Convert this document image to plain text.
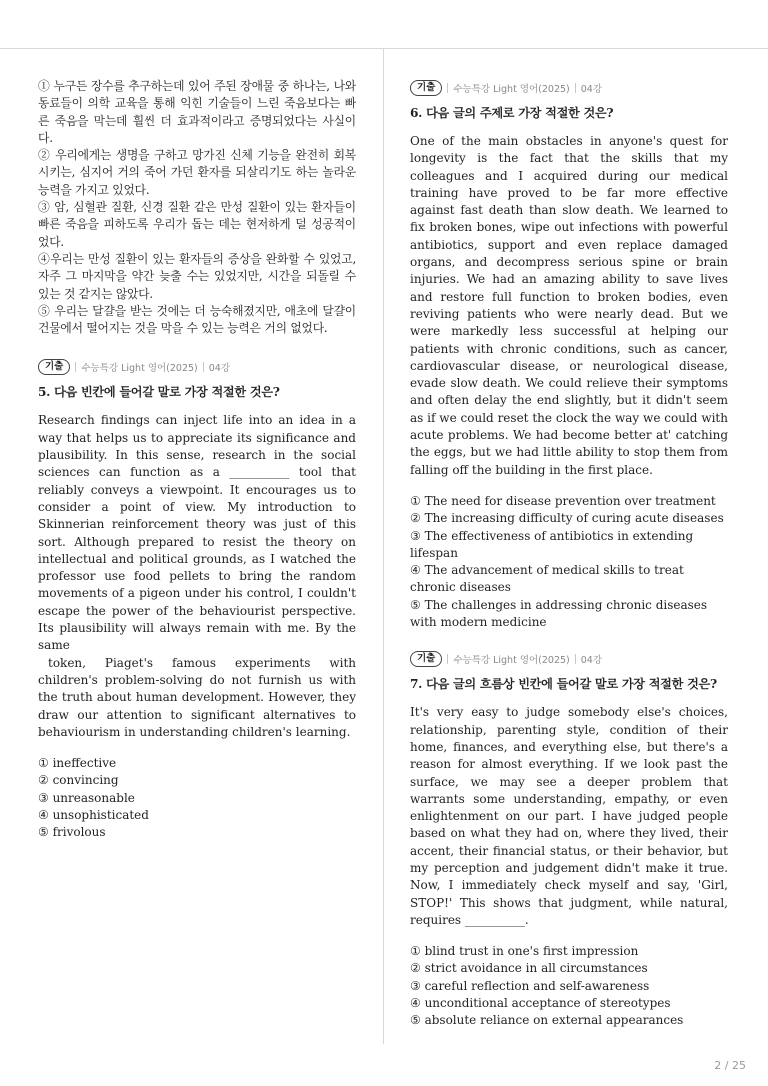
① 누구든 장수를 추구하는데 있어 주된 장애물 중 하나는, 나와 동료들이 의학 교육을 통해 익힌 기술들이 느린 죽음보다는 빠른 죽음을 막는데 훨씬 더 효과적이라고 증명되었다는 사실이다.

② 우리에게는 생명을 구하고 망가진 신체 기능을 완전히 회복시키는, 심지어 거의 죽어 가던 환자를 되살리기도 하는 놀라운 능력을 가지고 있었다.

③ 암, 심혈관 질환, 신경 질환 같은 만성 질환이 있는 환자들이 빠른 죽음을 피하도록 우리가 돕는 데는 현저하게 덜 성공적이었다.

④우리는 만성 질환이 있는 환자들의 증상을 완화할 수 있었고, 자주 그 마지막을 약간 늦출 수는 있었지만, 시간을 되돌릴 수 있는 것 같지는 않았다.

⑤ 우리는 달걀을 받는 것에는 더 능숙해졌지만, 애초에 달걀이 건물에서 떨어지는 것을 막을 수 있는 능력은 거의 없었다.

기출	수능특강 Light 영어(2025) 04강
5. 다음 빈칸에 들어갈 말로 가장 적절한 것은?

Research findings can inject life into an idea in a way that helps us to appreciate its significance and plausibility. In this sense, research in the social sciences can function as a __________ tool that reliably conveys a viewpoint. It encourages us to consider a point of view. My introduction to Skinnerian reinforcement theory was just of this sort. Although prepared to resist the theory on intellectual and political grounds, as I watched the professor use food pellets to bring the random movements of a pigeon under his control, I couldn't escape the power of the behaviourist perspective. Its plausibility will always remain with me. By the same

token, Piaget's famous experiments with children's problem-solving do not furnish us with the truth about human development. However, they draw our attention to significant alternatives to behaviourism in understanding children's learning.

① ineffective

② convincing

③ unreasonable

④ unsophisticated

⑤ frivolous

기출	수능특강 Light 영어(2025) 04강
6. 다음 글의 주제로 가장 적절한 것은?

One of the main obstacles in anyone's quest for longevity is the fact that the skills that my colleagues and I acquired during our medical training have proved to be far more effective against fast death than slow death. We learned to fix broken bones, wipe out infections with powerful antibiotics, support and even replace damaged organs, and decompress serious spine or brain injuries. We had an amazing ability to save lives and restore full function to broken bodies, even reviving patients who were nearly dead. But we were markedly less successful at helping our patients with chronic conditions, such as cancer, cardiovascular disease, or neurological disease, evade slow death. We could relieve their symptoms and often delay the end slightly, but it didn't seem as if we could reset the clock the way we could with acute problems. We had become better at' catching the eggs, but we had little ability to stop them from falling off the building in the first place.

① The need for disease prevention over treatment

② The increasing difficulty of curing acute diseases

③ The effectiveness of antibiotics in extending lifespan

④ The advancement of medical skills to treat chronic diseases

⑤ The challenges in addressing chronic diseases with modern medicine

기출	수능특강 Light 영어(2025) 04강
7. 다음 글의 흐름상 빈칸에 들어갈 말로 가장 적절한 것은?

It's very easy to judge somebody else's choices, relationship, parenting style, condition of their home, finances, and everything else, but there's a reason for almost everything. If we look past the surface, we may see a deeper problem that warrants some understanding, empathy, or even enlightenment on our part. I have judged people based on what they had on, where they lived, their accent, their financial status, or their behavior, but my perception and judgement didn't make it true. Now, I immediately check myself and say, 'Girl, STOP!' This shows that judgment, while natural, requires __________.

① blind trust in one's first impression

② strict avoidance in all circumstances

③ careful reflection and self-awareness

④ unconditional acceptance of stereotypes

⑤ absolute reliance on external appearances

2 / 25
